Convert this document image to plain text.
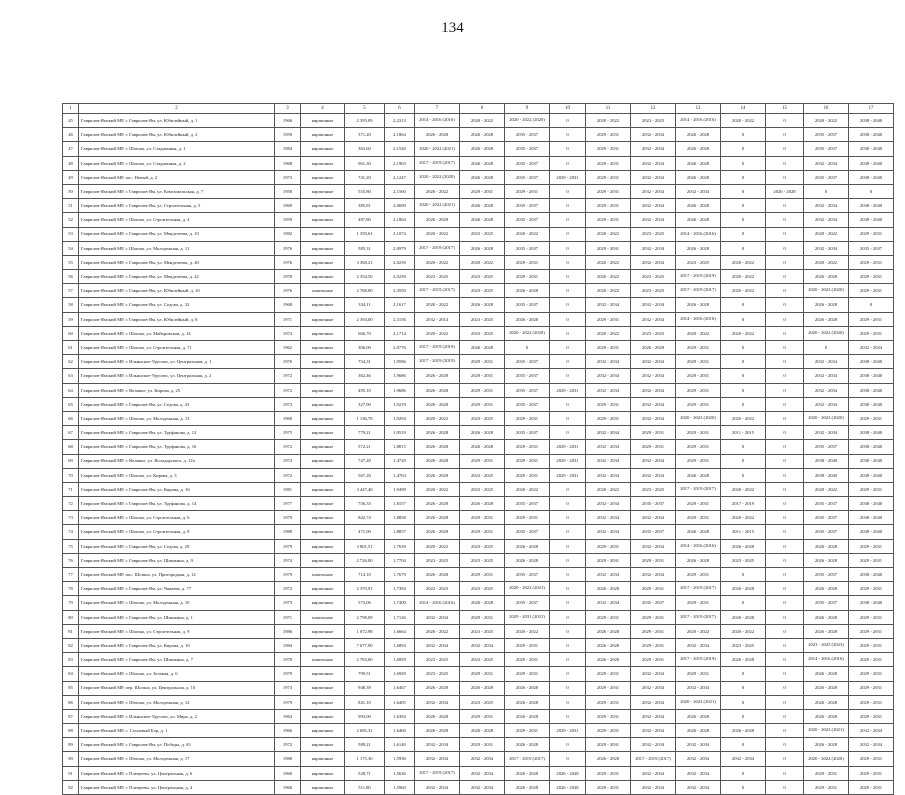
134
1	2	3	4	5	6	7	8	9	10	11	12	13	14	15	16	17
45	Гаврилов-Ямский МР, г. Гаврилов-Ям, ул. Юбилейный, д. 1	1966	кирпичные	2 395,09	2,2313	2014 - 2016 (2016)	2020 - 2022	2020 - 2022 (2020)	0	2020 - 2022	2023 - 2025	2014 - 2016 (2016)	2020 - 2022	0	2020 - 2022	2038 - 2040
46	Гаврилов-Ямский МР, г. Гаврилов-Ям, ул. Юбилейный, д. 2	1959	кирпичные	371,20	2,1864	2026 - 2028	2026 - 2028	2035 - 2037	0	2029 - 2031	2032 - 2034	2026 - 2028	0	0	2035 - 2037	2038 - 2040
47	Гаврилов-Ямский МР, г. Шопша, ул. Стадионная, д. 1	1984	кирпичные	363,60	2,1540	2020 - 2022 (2021)	2026 - 2028	2035 - 2037	0	2029 - 2031	2032 - 2034	2026 - 2028	0	0	2035 - 2037	2038 - 2040
48	Гаврилов-Ямский МР, г. Шопша, ул. Стадионная, д. 2	1968	кирпичные	961,30	2,1963	2017 - 2019 (2017)	2026 - 2028	2035 - 2037	0	2029 - 2031	2032 - 2034	2026 - 2028	0	0	2032 - 2034	2038 - 2040
49	Гаврилов-Ямский МР, пос. Новый, д. 2	1973	кирпичные	741,20	2,1247	2020 - 2022 (2020)	2026 - 2028	2035 - 2037	2029 - 2031	2029 - 2031	2032 - 2034	2026 - 2028	0	0	2035 - 2037	2038 - 2040
50	Гаврилов-Ямский МР, г. Гаврилов-Ям, ул. Комсомольская, д. 7	1958	кирпичные	555,80	2,1560	2020 - 2022	2029 - 2031	2029 - 2031	0	2029 - 2031	2032 - 2034	2032 - 2034	0	2026 - 2028	0	0
51	Гаврилов-Ямский МР, г. Гаврилов-Ям, ул. Строительная, д. 5	1969	кирпичные	385,81	2,0690	2020 - 2022 (2021)	2026 - 2028	2035 - 2037	0	2029 - 2031	2032 - 2034	2026 - 2028	0	0	2032 - 2034	2038 - 2040
52	Гаврилов-Ямский МР, г. Шопша, ул. Строительная, д. 4	1959	кирпичные	487,80	2,1864	2026 - 2028	2026 - 2028	2035 - 2037	0	2029 - 2031	2032 - 2034	2026 - 2028	0	0	2032 - 2034	2038 - 2040
53	Гаврилов-Ямский МР, г. Гаврилов-Ям, ул. Менделеева, д. 10	1982	кирпичные	1 359,61	2,1074	2020 - 2022	2023 - 2025	2020 - 2022	0	2020 - 2022	2023 - 2025	2014 - 2016 (2016)	0	0	2020 - 2022	2029 - 2031
54	Гаврилов-Ямский МР, г. Шопша, ул. Молодежная, д. 11	1976	кирпичные	585,31	2,0979	2017 - 2019 (2017)	2026 - 2028	2035 - 2037	0	2029 - 2031	2032 - 2034	2026 - 2028	0	0	2032 - 2034	2035 - 2037
55	Гаврилов-Ямский МР, г. Гаврилов-Ям, ул. Менделеева, д. 40	1976	кирпичные	3 368,21	2,0239	2020 - 2022	2020 - 2022	2029 - 2031	0	2020 - 2022	2032 - 2034	2023 - 2025	2020 - 2022	0	2020 - 2022	2029 - 2031
56	Гаврилов-Ямский МР, г. Гаврилов-Ям, ул. Менделеева, д. 42	1978	кирпичные	2 354,50	2,0239	2023 - 2025	2023 - 2025	2029 - 2031	0	2020 - 2022	2023 - 2025	2017 - 2019 (2019)	2020 - 2022	0	2026 - 2028	2029 - 2031
57	Гаврилов-Ямский МР, г. Гаврилов-Ям, ул. Юбилейный, д. 10	1976	панельные	2 768,00	2,3550	2017 - 2019 (2017)	2023 - 2025	2026 - 2028	0	2020 - 2022	2023 - 2025	2017 - 2019 (2017)	2020 - 2022	0	2020 - 2022 (2020)	2029 - 2031
58	Гаврилов-Ямский МР, г. Гаврилов-Ям, ул. Седова, д. 32	1968	кирпичные	334,11	2,1617	2020 - 2022	2026 - 2028	2035 - 2037	0	2032 - 2034	2032 - 2034	2026 - 2028	0	0	2026 - 2028	0
59	Гаврилов-Ямский МР, г. Гаврилов-Ям, ул. Юбилейный, д. 8	1971	кирпичные	2 394,00	2,3156	2032 - 2014	2023 - 2025	2026 - 2028	0	2029 - 2031	2032 - 2034	2014 - 2016 (2016)	0	0	2026 - 2028	2029 - 2031
60	Гаврилов-Ямский МР, г. Шопша, ул. Майоровская, д. 14	1974	кирпичные	666,70	2,1714	2020 - 2022	2023 - 2025	2020 - 2022 (2020)	0	2020 - 2022	2023 - 2025	2020 - 2022	2020 - 2022	0	2020 - 2022 (2020)	2029 - 2031
61	Гаврилов-Ямский МР, г. Шопша, ул. Строительная, д. 71	1962	кирпичные	306,00	2,0776	2017 - 2019 (2019)	2026 - 2028	0	0	2029 - 2031	2026 - 2028	2029 - 2031	0	0	0	2032 - 2034
62	Гаврилов-Ямский МР, г. Ильинское-Урусово, ул. Центральная, д. 1	1976	кирпичные	754,31	1,9586	2017 - 2019 (2019)	2029 - 2031	2035 - 2037	0	2032 - 2034	2032 - 2034	2029 - 2031	0	0	2032 - 2034	2038 - 2040
63	Гаврилов-Ямский МР, г. Ильинское-Урусово, ул. Центральная, д. 2	1972	кирпичные	362,46	1,9686	2026 - 2028	2029 - 2031	2035 - 2037	0	2032 - 2034	2032 - 2034	2029 - 2031	0	0	2032 - 2034	2038 - 2040
64	Гаврилов-Ямский МР, г. Великое, ул. Кирова, д. 25	1972	кирпичные	495,10	1,9686	2026 - 2028	2029 - 2031	2035 - 2037	2029 - 2031	2032 - 2034	2032 - 2034	2029 - 2031	0	0	2032 - 2034	2038 - 2040
65	Гаврилов-Ямский МР, г. Гаврилов-Ям, ул. Седова, д. 43	1973	кирпичные	327,90	1,9219	2026 - 2028	2029 - 2031	2035 - 2037	0	2029 - 2031	2032 - 2034	2029 - 2031	0	0	2032 - 2034	2038 - 2040
66	Гаврилов-Ямский МР, г. Шопша, ул. Молодежная, д. 13	1969	кирпичные	1 136,70	1,9294	2020 - 2022	2023 - 2025	2029 - 2031	0	2029 - 2031	2032 - 2034	2020 - 2022 (2020)	2020 - 2022	0	2020 - 2022 (2020)	2029 - 2031
67	Гаврилов-Ямский МР, г. Гаврилов-Ям, ул. Труфанова, д. 12	1975	кирпичные	779,21	1,9519	2026 - 2028	2026 - 2028	2035 - 2037	0	2032 - 2034	2029 - 2031	2029 - 2031	2011 - 2015	0	2032 - 2034	2038 - 2040
68	Гаврилов-Ямский МР, г. Гаврилов-Ям, ул. Труфанова, д. 16	1972	кирпичные	572,21	1,8815	2026 - 2028	2026 - 2028	2029 - 2031	2029 - 2031	2032 - 2034	2029 - 2031	2029 - 2031	0	0	2035 - 2037	2038 - 2040
69	Гаврилов-Ямский МР, г. Великое, ул. Володарского, д. 12а	1974	кирпичные	747,20	1,4720	2026 - 2028	2029 - 2031	2029 - 2031	2029 - 2031	2032 - 2034	2032 - 2034	2029 - 2031	0	0	2038 - 2040	2038 - 2040
70	Гаврилов-Ямский МР, г. Шопша, ул. Кирова, д. 3	1972	кирпичные	567,20	1,4763	2026 - 2028	2023 - 2025	2029 - 2031	2029 - 2031	2032 - 2034	2032 - 2034	2026 - 2028	0	0	2038 - 2040	2038 - 2040
71	Гаврилов-Ямский МР, г. Гаврилов-Ям, ул. Кирова, д. 16	1981	кирпичные	3 447,40	1,9499	2020 - 2022	2023 - 2025	2020 - 2022	0	2020 - 2022	2023 - 2025	2017 - 2019 (2017)	2020 - 2022	0	2020 - 2022	2029 - 2031
72	Гаврилов-Ямский МР, г. Гаврилов-Ям, ул. Труфанова, д. 14	1977	кирпичные	756,33	1,8157	2026 - 2028	2026 - 2028	2035 - 2037	0	2032 - 2034	2035 - 2037	2029 - 2031	2017 - 2019	0	2035 - 2037	2038 - 2040
73	Гаврилов-Ямский МР, г. Шопша, ул. Строительная, д. 6	1979	кирпичные	842,74	1,8858	2026 - 2028	2029 - 2031	2029 - 2031	0	2032 - 2034	2032 - 2034	2029 - 2031	2020 - 2022	0	2035 - 2037	2038 - 2040
74	Гаврилов-Ямский МР, г. Шопша, ул. Строительная, д. 8	1980	кирпичные	471,00	1,8857	2026 - 2028	2029 - 2031	2035 - 2037	0	2032 - 2034	2035 - 2037	2026 - 2028	2011 - 2015	0	2035 - 2037	2038 - 2040
75	Гаврилов-Ямский МР, г. Гаврилов-Ям, ул. Седова, д. 29	1979	кирпичные	3 801,51	1,7639	2020 - 2022	2023 - 2025	2026 - 2028	0	2029 - 2031	2032 - 2034	2014 - 2016 (2016)	2026 - 2028	0	2026 - 2028	2029 - 2031
76	Гаврилов-Ямский МР, г. Гаврилов-Ям, ул. Шишкина, д. 9	1974	кирпичные	2 726,00	1,7704	2023 - 2025	2023 - 2025	2026 - 2028	0	2029 - 2031	2029 - 2031	2026 - 2028	2023 - 2025	0	2026 - 2028	2029 - 2031
77	Гаврилов-Ямский МР, пос. Шопша, ул. Пригородная, д. 12	1979	панельные	714,10	1,7679	2026 - 2028	2029 - 2031	2035 - 2037	0	2032 - 2034	2032 - 2034	2029 - 2031	0	0	2035 - 2037	2038 - 2040
78	Гаврилов-Ямский МР, г. Гаврилов-Ям, ул. Чапаева, д. 77	1972	кирпичные	2 370,91	1,7384	2022 - 2023	2023 - 2025	2020 - 2022 (2021)	0	2026 - 2028	2029 - 2031	2017 - 2019 (2017)	2026 - 2028	0	2026 - 2028	2029 - 2031
79	Гаврилов-Ямский МР, г. Шопша, ул. Молодежная, д. 10	1973	кирпичные	573,06	1,7400	2014 - 2016 (2016)	2026 - 2028	2035 - 2037	0	2032 - 2034	2035 - 2037	2029 - 2031	0	0	2035 - 2037	2038 - 2040
80	Гаврилов-Ямский МР, г. Гаврилов-Ям, ул. Шишкина, д. 1	1971	панельные	2 798,09	1,7126	2032 - 2034	2029 - 2031	2029 - 2031 (2031)	0	2029 - 2031	2029 - 2031	2017 - 2019 (2017)	2026 - 2028	0	2026 - 2028	2029 - 2031
81	Гаврилов-Ямский МР, г. Шопша, ул. Строительная, д. 9	1986	кирпичные	1 072,98	1,6664	2020 - 2022	2023 - 2025	2020 - 2022	0	2026 - 2028	2029 - 2031	2020 - 2022	2020 - 2022	0	2026 - 2028	2029 - 2031
82	Гаврилов-Ямский МР, г. Гаврилов-Ям, ул. Кирова, д. 10	1984	кирпичные	7 677,90	1,6894	2032 - 2034	2032 - 2034	2029 - 2031	0	2026 - 2028	2029 - 2031	2032 - 2034	2023 - 2025	0	2023 - 2025 (2023)	2029 - 2031
83	Гаврилов-Ямский МР, г. Гаврилов-Ям, ул. Шишкина, д. 7	1978	панельные	2 783,60	1,6859	2023 - 2025	2023 - 2025	2029 - 2031	0	2026 - 2028	2029 - 2031	2017 - 2019 (2019)	2026 - 2028	0	2014 - 2016 (2016)	2029 - 2031
84	Гаврилов-Ямский МР, г. Шопша, ул. Зеленая, д. 6	1979	кирпичные	799,51	1,6929	2023 - 2025	2029 - 2031	2029 - 2031	0	2029 - 2031	2032 - 2034	2029 - 2031	0	0	2026 - 2028	2029 - 2031
85	Гаврилов-Ямский МР, пер. Шопша, ул. Центральная, д. 10	1973	кирпичные	948,39	1,6467	2026 - 2028	2026 - 2028	2026 - 2028	0	2029 - 2031	2032 - 2034	2032 - 2034	0	0	2026 - 2028	2029 - 2031
86	Гаврилов-Ямский МР, г. Шопша, ул. Молодежная, д. 12	1979	кирпичные	841,10	1,6405	2032 - 2034	2023 - 2025	2026 - 2028	0	2029 - 2031	2032 - 2034	2020 - 2022 (2021)	0	0	2026 - 2028	2029 - 2031
87	Гаврилов-Ямский МР, г. Ильинское-Урусово, ул. Мира, д. 2	1963	кирпичные	993,00	1,6384	2026 - 2028	2029 - 2031	2026 - 2028	0	2029 - 2031	2032 - 2034	2026 - 2028	0	0	2026 - 2028	2029 - 2031
88	Гаврилов-Ямский МР, с. Сосновый Бор, д. 1	1966	кирпичные	2 685,31	1,6460	2026 - 2028	2026 - 2028	2029 - 2031	2029 - 2031	2029 - 2031	2032 - 2034	2026 - 2028	2026 - 2028	0	2020 - 2022 (2021)	2032 - 2034
89	Гаврилов-Ямский МР, г. Гаврилов-Ям, ул. Победы, д. 65	1972	кирпичные	589,21	1,6140	2032 - 2034	2029 - 2031	2026 - 2028	0	2029 - 2031	2032 - 2034	2032 - 2034	0	0	2026 - 2028	2032 - 2034
90	Гаврилов-Ямский МР, г. Шопша, ул. Молодежная, д. 17	1980	кирпичные	1 175,30	1,5930	2032 - 2034	2032 - 2034	2017 - 2019 (2017)	0	2026 - 2028	2017 - 2019 (2017)	2032 - 2034	2032 - 2034	0	2020 - 2022 (2020)	2029 - 2031
91	Гаврилов-Ямский МР, г. Плещеево, ул. Центральная, д. 6	1960	кирпичные	528,71	1,5636	2017 - 2019 (2017)	2032 - 2034	2026 - 2028	2026 - 2028	2029 - 2031	2032 - 2034	2032 - 2034	0	0	2029 - 2031	2029 - 2031
92	Гаврилов-Ямский МР, г. Плещеево, ул. Центральная, д. 4	1960	кирпичные	511,80	1,5960	2032 - 2034	2032 - 2034	2026 - 2028	2026 - 2028	2029 - 2031	2032 - 2034	2032 - 2034	0	0	2029 - 2031	2029 - 2031
